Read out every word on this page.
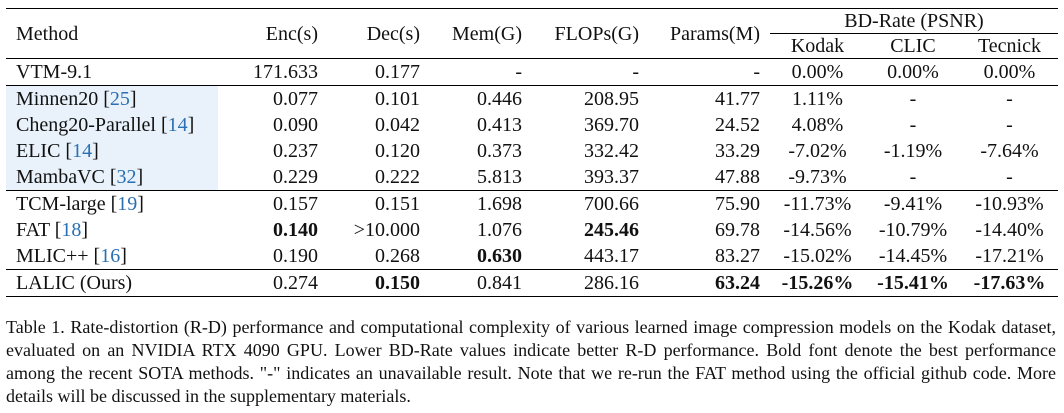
Method	Enc(s)	Dec(s)	Mem(G)	FLOPs(G)	Params(M)	BD-Rate (PSNR)		
						Kodak	CLIC	Tecnick
VTM-9.1	171.633	0.177	-	-	-	0.00%	0.00%	0.00%
Minnen20 [25]	0.077	0.101	0.446	208.95	41.77	1.11%	-	-
Cheng20-Parallel [14]	0.090	0.042	0.413	369.70	24.52	4.08%	-	-
ELIC [14]	0.237	0.120	0.373	332.42	33.29	-7.02%	-1.19%	-7.64%
MambaVC [32]	0.229	0.222	5.813	393.37	47.88	-9.73%	-	-
TCM-large [19]	0.157	0.151	1.698	700.66	75.90	-11.73%	-9.41%	-10.93%
FAT [18]	0.140	>10.000	1.076	245.46	69.78	-14.56%	-10.79%	-14.40%
MLIC++ [16]	0.190	0.268	0.630	443.17	83.27	-15.02%	-14.45%	-17.21%
LALIC (Ours)	0.274	0.150	0.841	286.16	63.24	-15.26%	-15.41%	-17.63%
Table 1. Rate-distortion (R-D) performance and computational complexity of various learned image compression models on the Kodak dataset, evaluated on an NVIDIA RTX 4090 GPU. Lower BD-Rate values indicate better R-D performance. Bold font denote the best performance among the recent SOTA methods. "-" indicates an unavailable result. Note that we re-run the FAT method using the official github code. More details will be discussed in the supplementary materials.
